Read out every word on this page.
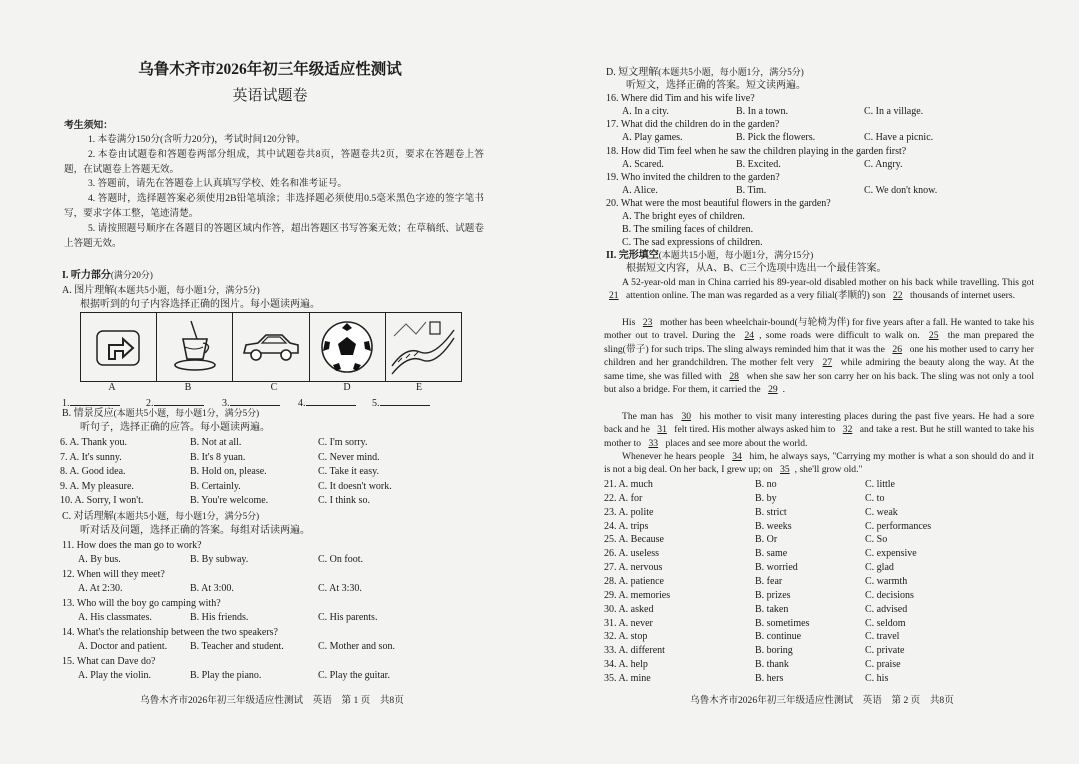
乌鲁木齐市2026年初三年级适应性测试
英语试题卷
考生须知：

1. 本卷满分150分(含听力20分)，考试时间120分钟。

2. 本卷由试题卷和答题卷两部分组成，其中试题卷共8页，答题卷共2页，要求在答题卷上答题，在试题卷上答题无效。

3. 答题前，请先在答题卷上认真填写学校、姓名和准考证号。

4. 答题时，选择题答案必须使用2B铅笔填涂；非选择题必须使用0.5毫米黑色字迹的签字笔书写，要求字体工整，笔迹清楚。

5. 请按照题号顺序在各题目的答题区域内作答，超出答题区书写答案无效；在草稿纸、试题卷上答题无效。

I. 听力部分(满分20分)
A. 图片理解(本题共5小题，每小题1分，满分5分)
根据听到的句子内容选择正确的图片。每小题读两遍。
A	B	C	D	E
1.	2.	3.	4.	5.
B. 情景反应(本题共5小题，每小题1分，满分5分)
听句子，选择正确的应答。每小题读两遍。
6. A. Thank you.	B. Not at all.	C. I'm sorry.
7. A. It's sunny.	B. It's 8 yuan.	C. Never mind.
8. A. Good idea.	B. Hold on, please.	C. Take it easy.
9. A. My pleasure.	B. Certainly.	C. It doesn't work.
10. A. Sorry, I won't.	B. You're welcome.	C. I think so.
C. 对话理解(本题共5小题，每小题1分，满分5分)
听对话及问题，选择正确的答案。每组对话读两遍。
11. How does the man go to work?
A. By bus.	B. By subway.	C. On foot.
12. When will they meet?
A. At 2:30.	B. At 3:00.	C. At 3:30.
13. Who will the boy go camping with?
A. His classmates.	B. His friends.	C. His parents.
14. What's the relationship between the two speakers?
A. Doctor and patient. B. Teacher and student.	C. Mother and son.
15. What can Dave do?
A. Play the violin.	B. Play the piano.	C. Play the guitar.
乌鲁木齐市2026年初三年级适应性测试　英语　第 1 页　共8页
D. 短文理解(本题共5小题，每小题1分，满分5分)
听短文，选择正确的答案。短文读两遍。
16. Where did Tim and his wife live?
A. In a city.	B. In a town.	C. In a village.
17. What did the children do in the garden?
A. Play games.	B. Pick the flowers.	C. Have a picnic.
18. How did Tim feel when he saw the children playing in the garden first?
A. Scared.	B. Excited.	C. Angry.
19. Who invited the children to the garden?
A. Alice.	B. Tim.	C. We don't know.
20. What were the most beautiful flowers in the garden?
A. The bright eyes of children.
B. The smiling faces of children.
C. The sad expressions of children.
II. 完形填空(本题共15小题，每小题1分，满分15分)
根据短文内容，从A、B、C三个选项中选出一个最佳答案。
A 52-year-old man in China carried his 89-year-old disabled mother on his back while travelling. This got 21 attention online. The man was regarded as a very filial(孝顺的) son 22 thousands of internet users.
His 23 mother has been wheelchair-bound(与轮椅为伴) for five years after a fall. He wanted to take his mother out to travel. During the 24 , some roads were difficult to walk on. 25 the man prepared the sling(带子) for such trips. The sling always reminded him that it was the 26 one his mother used to carry her children and her grandchildren. The mother felt very 27 while admiring the beauty along the way. At the same time, she was filled with 28 when she saw her son carry her on his back. The sling was not only a tool but also a bridge. For them, it carried the 29 .
The man has 30 his mother to visit many interesting places during the past five years. He had a sore back and he 31 felt tired. His mother always asked him to 32 and take a rest. But he still wanted to take his mother to 33 places and see more about the world.
Whenever he hears people 34 him, he always says, "Carrying my mother is what a son should do and it is not a big deal. On her back, I grew up; on 35 , she'll grow old."
21. A. much	B. no	C. little
22. A. for	B. by	C. to
23. A. polite	B. strict	C. weak
24. A. trips	B. weeks	C. performances
25. A. Because	B. Or	C. So
26. A. useless	B. same	C. expensive
27. A. nervous	B. worried	C. glad
28. A. patience	B. fear	C. warmth
29. A. memories	B. prizes	C. decisions
30. A. asked	B. taken	C. advised
31. A. never	B. sometimes	C. seldom
32. A. stop	B. continue	C. travel
33. A. different	B. boring	C. private
34. A. help	B. thank	C. praise
35. A. mine	B. hers	C. his
乌鲁木齐市2026年初三年级适应性测试　英语　第 2 页　共8页
